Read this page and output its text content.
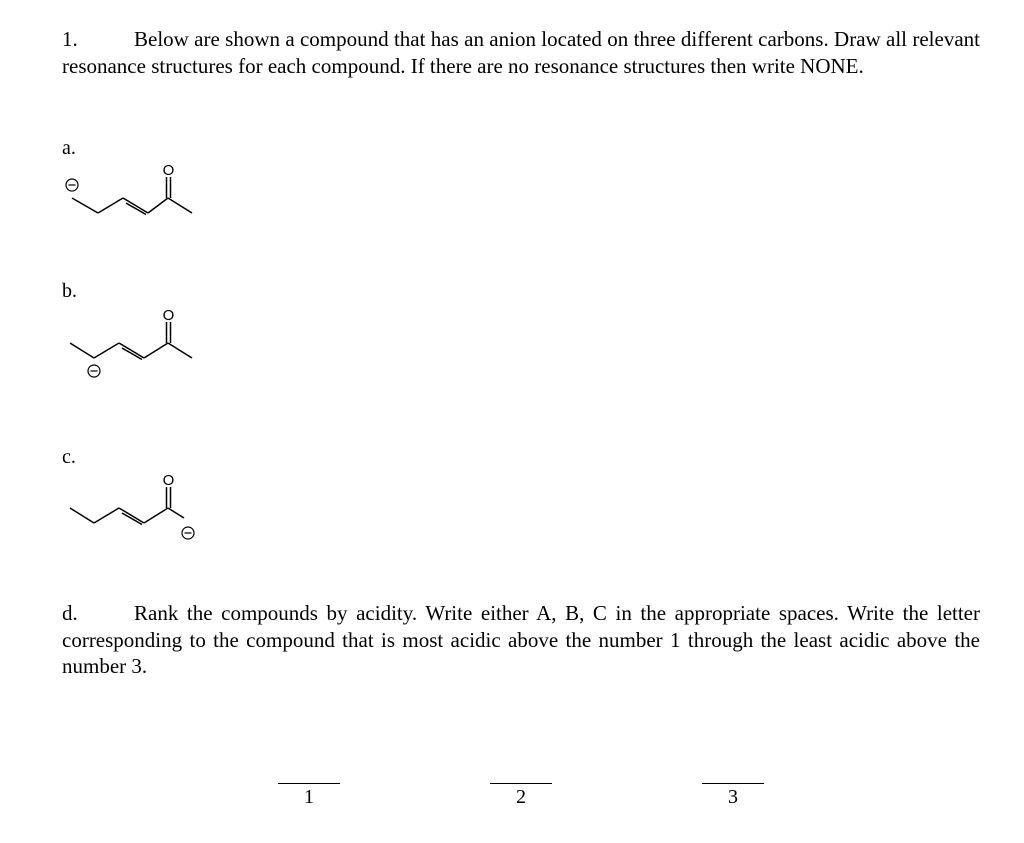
1.	Below are shown a compound that has an anion located on three different carbons. Draw all relevant resonance structures for each compound. If there are no resonance structures then write NONE.
a.
O
b.
O
c.
O
d.	Rank the compounds by acidity. Write either A, B, C in the appropriate spaces. Write the letter corresponding to the compound that is most acidic above the number 1 through the least acidic above the number 3.
1	2	3
